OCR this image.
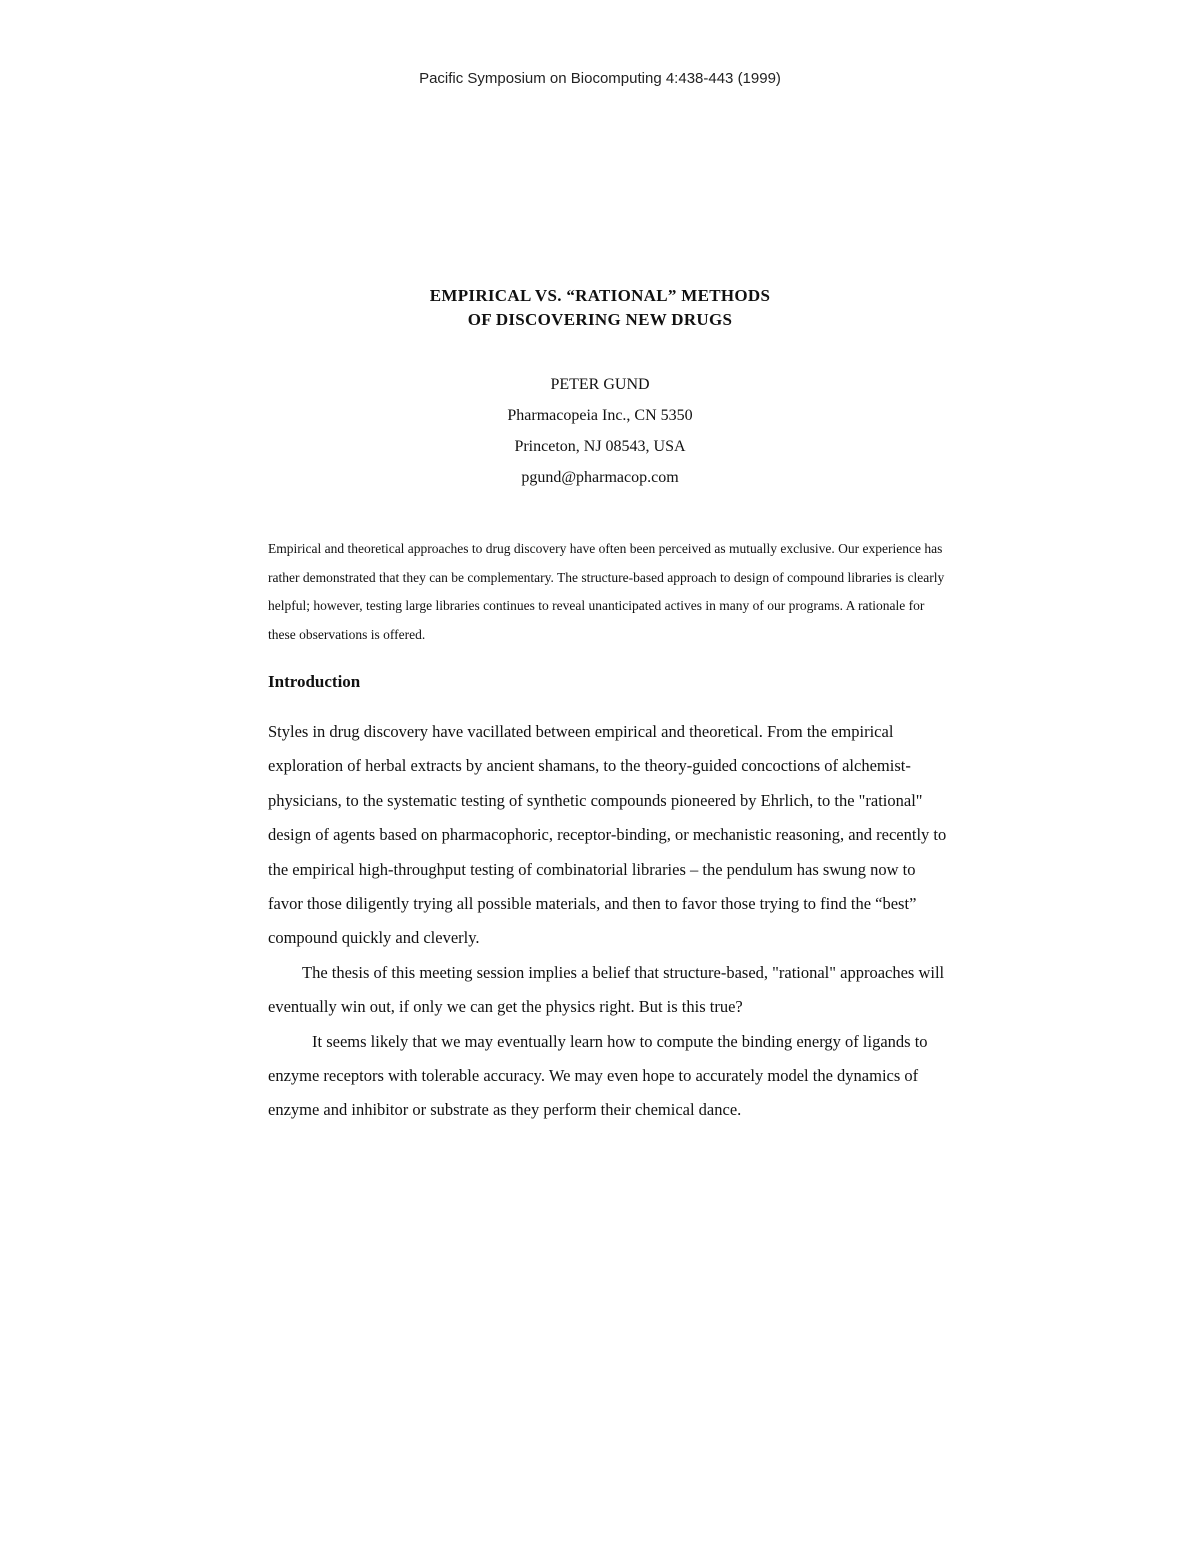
Pacific Symposium on Biocomputing 4:438-443 (1999)
EMPIRICAL VS. “RATIONAL” METHODS
OF DISCOVERING NEW DRUGS
PETER GUND
Pharmacopeia Inc., CN 5350
Princeton, NJ 08543, USA
pgund@pharmacop.com

Empirical and theoretical approaches to drug discovery have often been perceived as mutually exclusive. Our experience has rather demonstrated that they can be complementary. The structure-based approach to design of compound libraries is clearly helpful; however, testing large libraries continues to reveal unanticipated actives in many of our programs. A rationale for these observations is offered.

Introduction

Styles in drug discovery have vacillated between empirical and theoretical. From the empirical exploration of herbal extracts by ancient shamans, to the theory-guided concoctions of alchemist-physicians, to the systematic testing of synthetic compounds pioneered by Ehrlich, to the "rational" design of agents based on pharmacophoric, receptor-binding, or mechanistic reasoning, and recently to the empirical high-throughput testing of combinatorial libraries – the pendulum has swung now to favor those diligently trying all possible materials, and then to favor those trying to find the “best” compound quickly and cleverly.

The thesis of this meeting session implies a belief that structure-based, "rational" approaches will eventually win out, if only we can get the physics right. But is this true?

It seems likely that we may eventually learn how to compute the binding energy of ligands to enzyme receptors with tolerable accuracy. We may even hope to accurately model the dynamics of enzyme and inhibitor or substrate as they perform their chemical dance.
